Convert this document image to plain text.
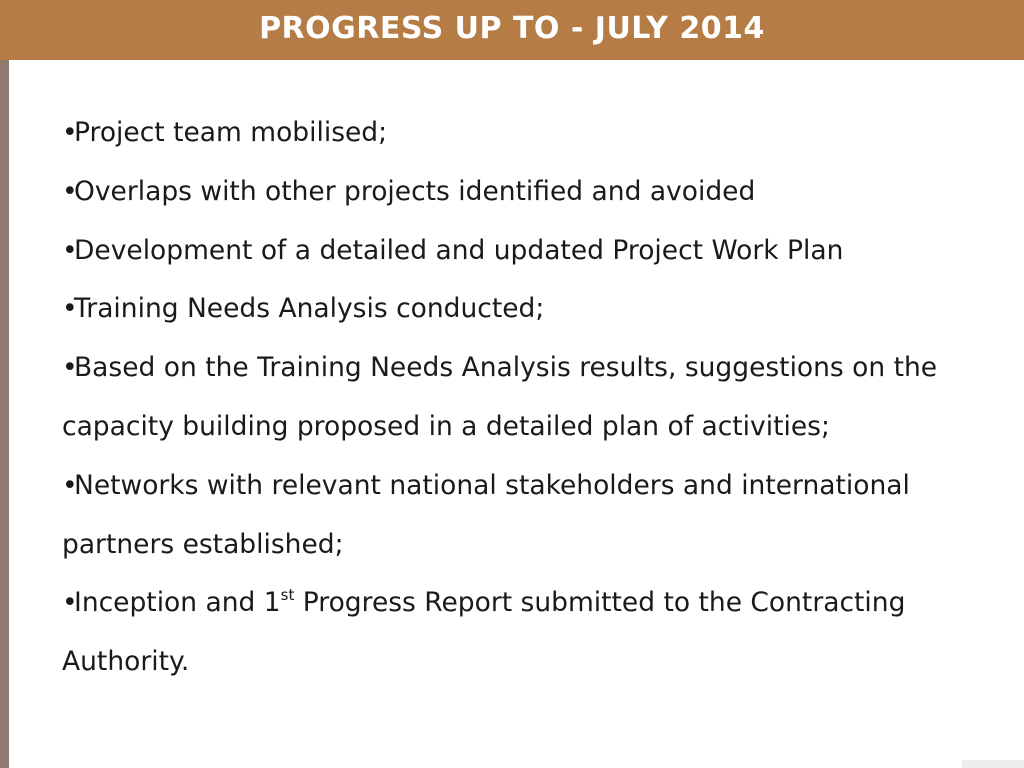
PROGRESS UP TO - JULY 2014
•Project team mobilised;
•Overlaps with other projects identified and avoided
•Development of a detailed and updated Project Work Plan
•Training Needs Analysis conducted;
•Based on the Training Needs Analysis results, suggestions on the capacity building proposed in a detailed plan of activities;
•Networks with relevant national stakeholders and international partners established;
•Inception and 1st Progress Report submitted to the Contracting Authority.
